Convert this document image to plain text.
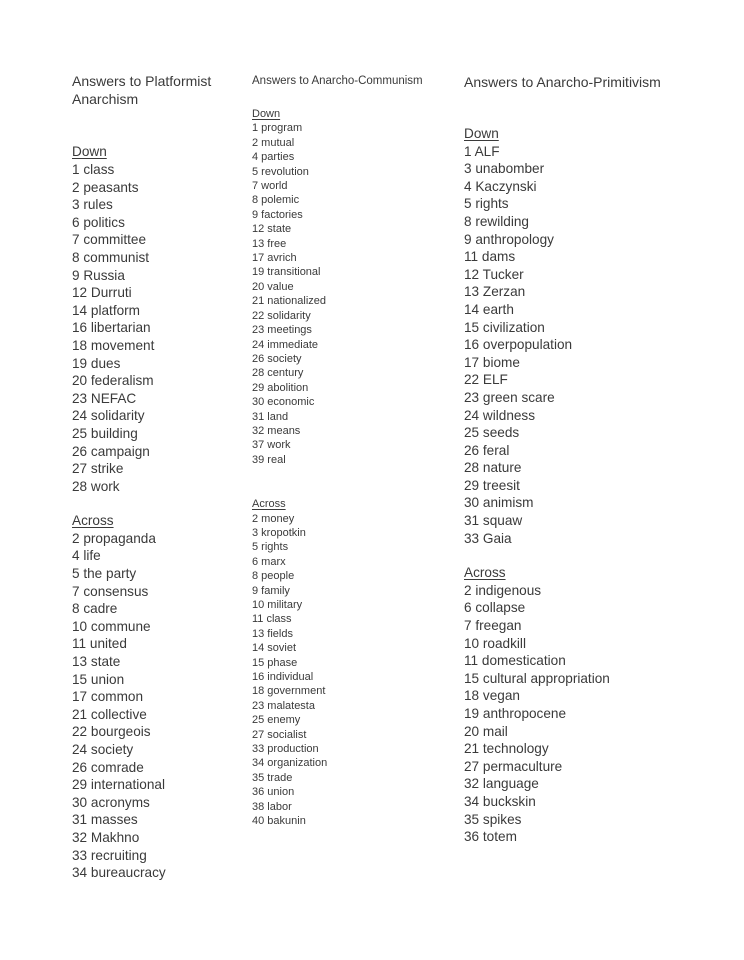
Answers to Platformist Anarchism
Down
1 class
2 peasants
3 rules
6 politics
7 committee
8 communist
9 Russia
12 Durruti
14 platform
16 libertarian
18 movement
19 dues
20 federalism
23 NEFAC
24 solidarity
25 building
26 campaign
27 strike
28 work
Across
2 propaganda
4 life
5 the party
7 consensus
8 cadre
10 commune
11 united
13 state
15 union
17 common
21 collective
22 bourgeois
24 society
26 comrade
29 international
30 acronyms
31 masses
32 Makhno
33 recruiting
34 bureaucracy
Answers to Anarcho-Communism
Down
1 program
2 mutual
4 parties
5 revolution
7 world
8 polemic
9 factories
12 state
13 free
17 avrich
19 transitional
20 value
21 nationalized
22 solidarity
23 meetings
24 immediate
26 society
28 century
29 abolition
30 economic
31 land
32 means
37 work
39 real
Across
2 money
3 kropotkin
5 rights
6 marx
8 people
9 family
10 military
11 class
13 fields
14 soviet
15 phase
16 individual
18 government
23 malatesta
25 enemy
27 socialist
33 production
34 organization
35 trade
36 union
38 labor
40 bakunin
Answers to Anarcho-Primitivism
Down
1 ALF
3 unabomber
4 Kaczynski
5 rights
8 rewilding
9 anthropology
11 dams
12 Tucker
13 Zerzan
14 earth
15 civilization
16 overpopulation
17 biome
22 ELF
23 green scare
24 wildness
25 seeds
26 feral
28 nature
29 treesit
30 animism
31 squaw
33 Gaia
Across
2 indigenous
6 collapse
7 freegan
10 roadkill
11 domestication
15 cultural appropriation
18 vegan
19 anthropocene
20 mail
21 technology
27 permaculture
32 language
34 buckskin
35 spikes
36 totem
